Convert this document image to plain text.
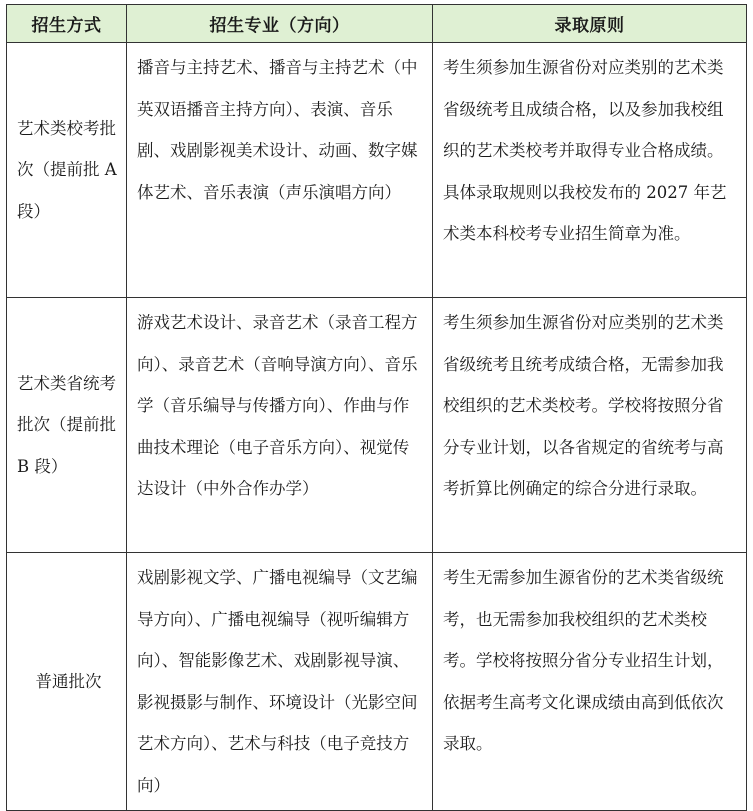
招生方式	招生专业（方向）	录取原则
艺术类校考批次（提前批 A 段）	播音与主持艺术、播音与主持艺术（中英双语播音主持方向）、表演、音乐剧、戏剧影视美术设计、动画、数字媒体艺术、音乐表演（声乐演唱方向）	考生须参加生源省份对应类别的艺术类省级统考且成绩合格，以及参加我校组织的艺术类校考并取得专业合格成绩。具体录取规则以我校发布的 2027 年艺术类本科校考专业招生简章为准。
艺术类省统考批次（提前批 B 段）	游戏艺术设计、录音艺术（录音工程方向）、录音艺术（音响导演方向）、音乐学（音乐编导与传播方向）、作曲与作曲技术理论（电子音乐方向）、视觉传达设计（中外合作办学）	考生须参加生源省份对应类别的艺术类省级统考且统考成绩合格，无需参加我校组织的艺术类校考。学校将按照分省分专业计划，以各省规定的省统考与高考折算比例确定的综合分进行录取。
普通批次	戏剧影视文学、广播电视编导（文艺编导方向）、广播电视编导（视听编辑方向）、智能影像艺术、戏剧影视导演、影视摄影与制作、环境设计（光影空间艺术方向）、艺术与科技（电子竞技方向）	考生无需参加生源省份的艺术类省级统考，也无需参加我校组织的艺术类校考。学校将按照分省分专业招生计划，依据考生高考文化课成绩由高到低依次录取。
